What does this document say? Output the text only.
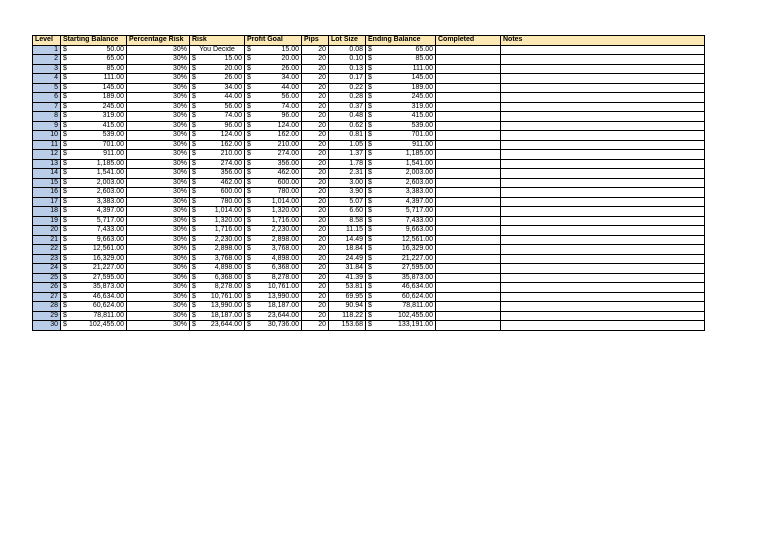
Level	Starting Balance	Percentage Risk	Risk	Profit Goal	Pips	Lot Size	Ending Balance	Completed	Notes
1	$ 50.00	30%	You Decide	$ 15.00	20	0.08	$ 65.00		

2	$ 65.00	30%	$ 15.00	$ 20.00	20	0.10	$ 85.00		

3	$ 85.00	30%	$ 20.00	$ 26.00	20	0.13	$ 111.00		

4	$ 111.00	30%	$ 26.00	$ 34.00	20	0.17	$ 145.00		

5	$ 145.00	30%	$ 34.00	$ 44.00	20	0.22	$ 189.00		

6	$ 189.00	30%	$ 44.00	$ 56.00	20	0.28	$ 245.00		

7	$ 245.00	30%	$ 56.00	$ 74.00	20	0.37	$ 319.00		

8	$ 319.00	30%	$ 74.00	$ 96.00	20	0.48	$ 415.00		

9	$ 415.00	30%	$ 96.00	$ 124.00	20	0.62	$ 539.00		

10	$ 539.00	30%	$ 124.00	$ 162.00	20	0.81	$ 701.00		

11	$ 701.00	30%	$ 162.00	$ 210.00	20	1.05	$ 911.00		

12	$ 911.00	30%	$ 210.00	$ 274.00	20	1.37	$ 1,185.00		

13	$ 1,185.00	30%	$ 274.00	$ 356.00	20	1.78	$ 1,541.00		

14	$ 1,541.00	30%	$ 356.00	$ 462.00	20	2.31	$ 2,003.00		

15	$ 2,003.00	30%	$ 462.00	$ 600.00	20	3.00	$ 2,603.00		

16	$ 2,603.00	30%	$ 600.00	$ 780.00	20	3.90	$ 3,383.00		

17	$ 3,383.00	30%	$ 780.00	$ 1,014.00	20	5.07	$ 4,397.00		

18	$ 4,397.00	30%	$ 1,014.00	$ 1,320.00	20	6.60	$ 5,717.00		

19	$ 5,717.00	30%	$ 1,320.00	$ 1,716.00	20	8.58	$ 7,433.00		

20	$ 7,433.00	30%	$ 1,716.00	$ 2,230.00	20	11.15	$ 9,663.00		

21	$ 9,663.00	30%	$ 2,230.00	$ 2,898.00	20	14.49	$ 12,561.00		

22	$ 12,561.00	30%	$ 2,898.00	$ 3,768.00	20	18.84	$ 16,329.00		

23	$ 16,329.00	30%	$ 3,768.00	$ 4,898.00	20	24.49	$ 21,227.00		

24	$ 21,227.00	30%	$ 4,898.00	$ 6,368.00	20	31.84	$ 27,595.00		

25	$ 27,595.00	30%	$ 6,368.00	$ 8,278.00	20	41.39	$ 35,873.00		

26	$ 35,873.00	30%	$ 8,278.00	$ 10,761.00	20	53.81	$ 46,634.00		

27	$ 46,634.00	30%	$ 10,761.00	$ 13,990.00	20	69.95	$ 60,624.00		

28	$ 60,624.00	30%	$ 13,990.00	$ 18,187.00	20	90.94	$ 78,811.00		

29	$ 78,811.00	30%	$ 18,187.00	$ 23,644.00	20	118.22	$ 102,455.00		

30	$ 102,455.00	30%	$ 23,644.00	$ 30,736.00	20	153.68	$ 133,191.00		
